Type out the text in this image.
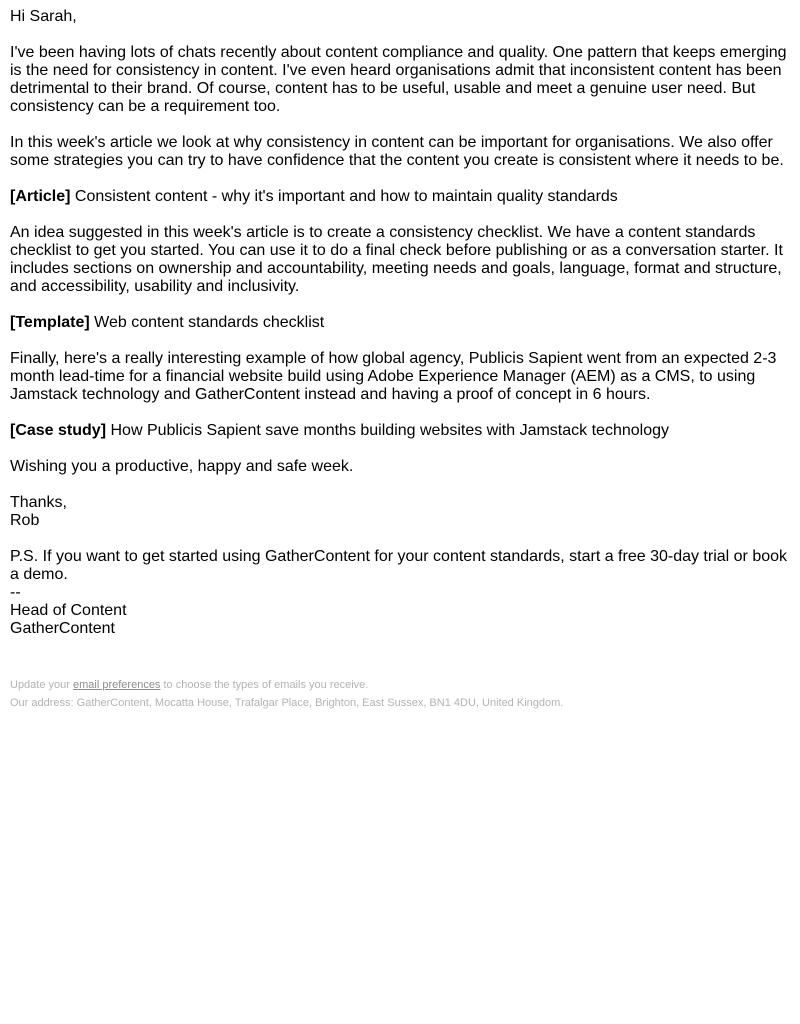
Hi Sarah,

I've been having lots of chats recently about content compliance and quality. One pattern that keeps emerging is the need for consistency in content. I've even heard organisations admit that inconsistent content has been detrimental to their brand. Of course, content has to be useful, usable and meet a genuine user need. But consistency can be a requirement too.

In this week's article we look at why consistency in content can be important for organisations. We also offer some strategies you can try to have confidence that the content you create is consistent where it needs to be.

[Article] Consistent content - why it's important and how to maintain quality standards

An idea suggested in this week's article is to create a consistency checklist. We have a content standards checklist to get you started. You can use it to do a final check before publishing or as a conversation starter. It includes sections on ownership and accountability, meeting needs and goals, language, format and structure, and accessibility, usability and inclusivity.

[Template] Web content standards checklist

Finally, here's a really interesting example of how global agency, Publicis Sapient went from an expected 2-3 month lead-time for a financial website build using Adobe Experience Manager (AEM) as a CMS, to using Jamstack technology and GatherContent instead and having a proof of concept in 6 hours.

[Case study] How Publicis Sapient save months building websites with Jamstack technology

Wishing you a productive, happy and safe week.

Thanks,
Rob

P.S. If you want to get started using GatherContent for your content standards, start a free 30-day trial or book a demo.

--
Head of Content
GatherContent
Update your email preferences to choose the types of emails you receive.
Our address: GatherContent, Mocatta House, Trafalgar Place, Brighton, East Sussex, BN1 4DU, United Kingdom.
